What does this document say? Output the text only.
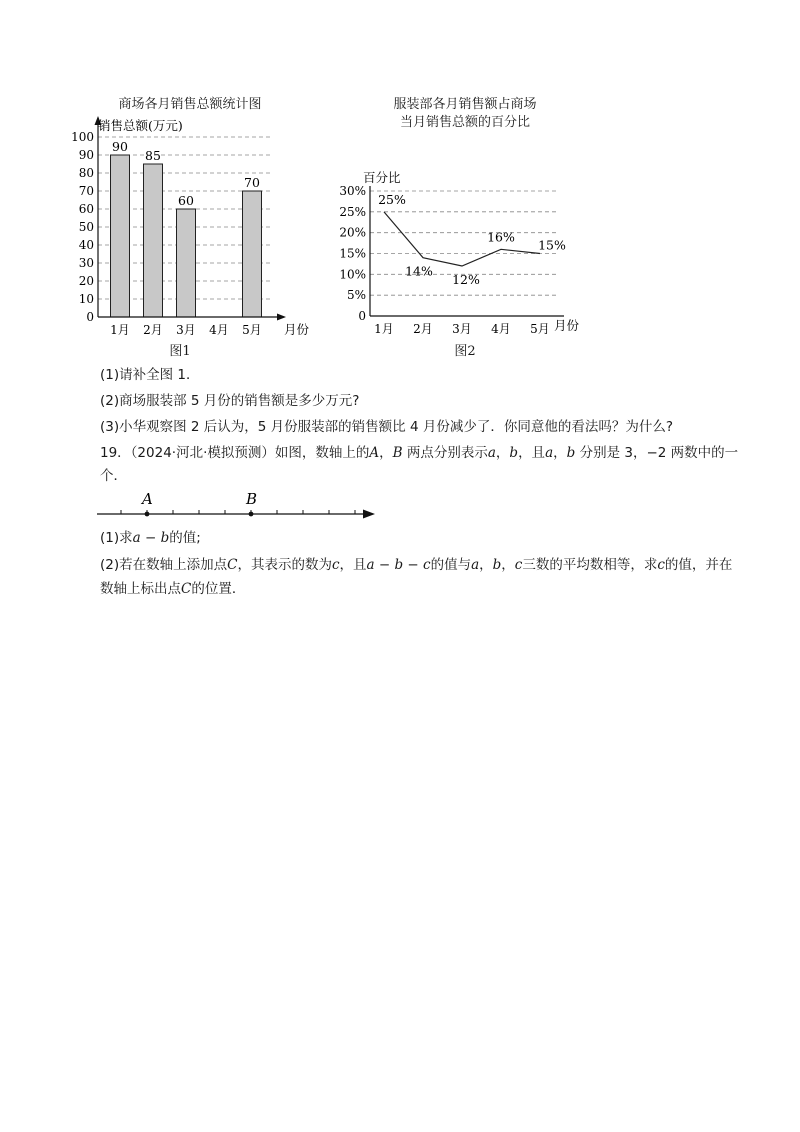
商场各月销售总额统计图
图1
0
10
20
30
40
50
60
70
80
90
100
1月 2月 3月 4月 5月
90
85
60
70
销售总额(万元)
月份
服装部各月销售额占商场
当月销售总额的百分比
图2
0
5%
10%
15%
20%
25%
30%
1月 2月 3月 4月 5月
25%
14%
12%
16%
15%
百分比
月份
(1)请补全图 1．
(2)商场服装部 5 月份的销售额是多少万元?
(3)小华观察图 2 后认为，5 月份服装部的销售额比 4 月份减少了．你同意他的看法吗？为什么?
19．（2024·河北·模拟预测）如图，数轴上的A，B 两点分别表示a，b，且a，b 分别是 3，−2 两数中的一
个．
A	B
(1)求a − b的值;
(2)若在数轴上添加点C，其表示的数为c，且a − b − c的值与a，b，c三数的平均数相等，求c的值，并在
数轴上标出点C的位置．
